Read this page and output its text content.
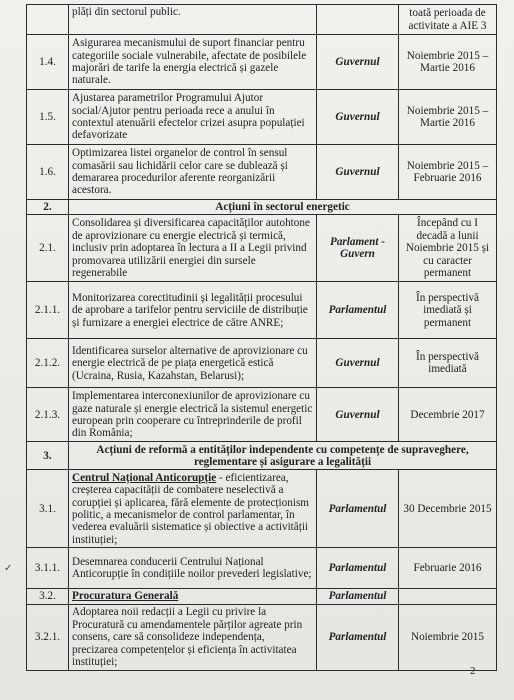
	plăți din sectorul public.		toată perioada de activitate a AIE 3
1.4.	Asigurarea mecanismului de suport financiar pentru categoriile sociale vulnerabile, afectate de posibilele majorări de tarife la energia electrică și gazele naturale.	Guvernul	Noiembrie 2015 – Martie 2016
1.5.	Ajustarea parametrilor Programului Ajutor social/Ajutor pentru perioada rece a anului în contextul atenuării efectelor crizei asupra populației defavorizate	Guvernul	Noiembrie 2015 – Martie 2016
1.6.	Optimizarea listei organelor de control în sensul comasării sau lichidării celor care se dublează și demararea procedurilor aferente reorganizării acestora.	Guvernul	Noiembrie 2015 – Februarie 2016
2.	Acțiuni în sectorul energetic		
2.1.	Consolidarea și diversificarea capacităților autohtone de aprovizionare cu energie electrică și termică, inclusiv prin adoptarea în lectura a II a Legii privind promovarea utilizării energiei din sursele regenerabile	Parlament - Guvern	Începând cu I decadă a lunii Noiembrie 2015 și cu caracter permanent
2.1.1.	Monitorizarea corectitudinii și legalității procesului de aprobare a tarifelor pentru serviciile de distribuție și furnizare a energiei electrice de către ANRE;	Parlamentul	În perspectivă imediată și permanent
2.1.2.	Identificarea surselor alternative de aprovizionare cu energie electrică de pe piața energetică estică (Ucraina, Rusia, Kazahstan, Belarusi);	Guvernul	În perspectivă imediată
2.1.3.	Implementarea interconexiunilor de aprovizionare cu gaze naturale și energie electrică la sistemul energetic european prin cooperare cu întreprinderile de profil din România;	Guvernul	Decembrie 2017
3.	Acțiuni de reformă a entităților independente cu competențe de supraveghere, reglementare și asigurare a legalității		
3.1.	Centrul Național Anticorupție - eficientizarea, creșterea capacității de combatere neselectivă a corupției și aplicarea, fără elemente de protecționism politic, a mecanismelor de control parlamentar, în vederea evaluării sistematice și obiective a activității instituției;	Parlamentul	30 Decembrie 2015
3.1.1.	Desemnarea conducerii Centrului Național Anticorupție în condițiile noilor prevederi legislative;	Parlamentul	Februarie 2016
3.2.	Procuratura Generală	Parlamentul	
3.2.1.	Adoptarea noii redacții a Legii cu privire la Procuratură cu amendamentele părților agreate prin consens, care să consolideze independența, precizarea competențelor și eficiența în activitatea instituției;	Parlamentul	Noiembrie 2015
✓
2
